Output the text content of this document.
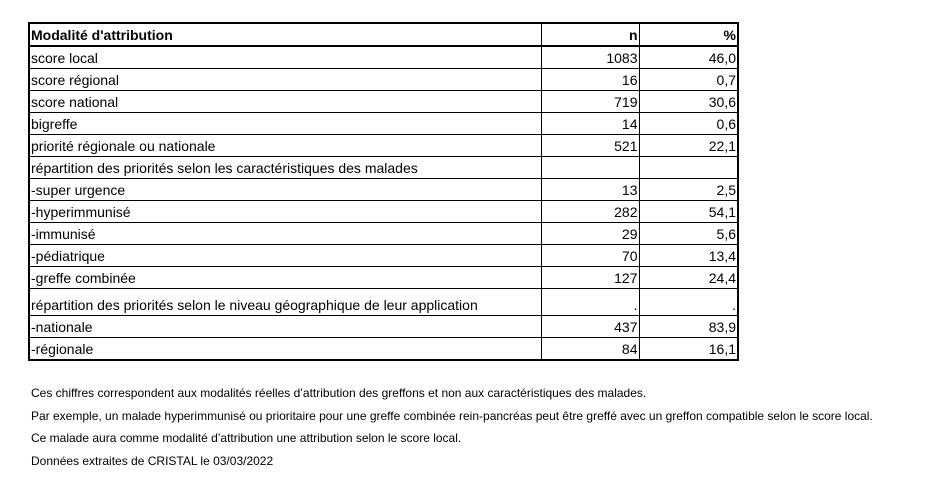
Modalité d'attribution	n	%
score local	1083	46,0
score régional	16	0,7
score national	719	30,6
bigreffe	14	0,6
priorité régionale ou nationale	521	22,1
répartition des priorités selon les caractéristiques des malades		
-super urgence	13	2,5
-hyperimmunisé	282	54,1
-immunisé	29	5,6
-pédiatrique	70	13,4
-greffe combinée	127	24,4
répartition des priorités selon le niveau géographique de leur application	.	.
-nationale	437	83,9
-régionale	84	16,1
Ces chiffres correspondent aux modalités réelles d’attribution des greffons et non aux caractéristiques des malades.
Par exemple, un malade hyperimmunisé ou prioritaire pour une greffe combinée rein-pancréas peut être greffé avec un greffon compatible selon le score local.
Ce malade aura comme modalité d’attribution une attribution selon le score local.
Données extraites de CRISTAL le 03/03/2022
